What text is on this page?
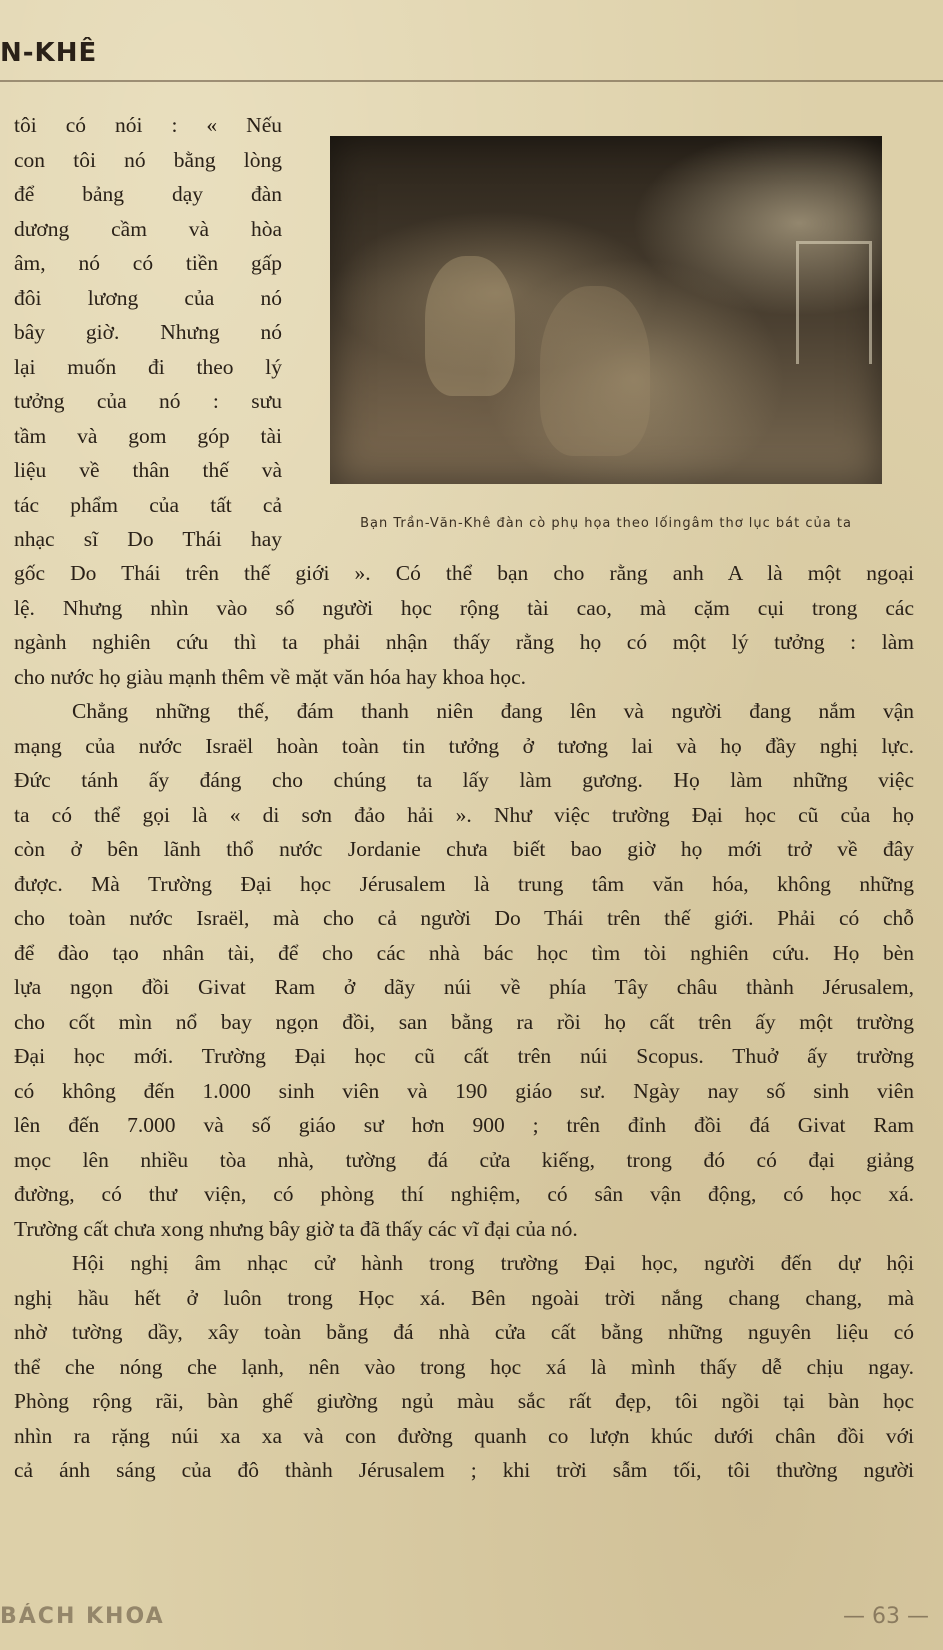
N-KHÊ
tôi có nói : « Nếu
con tôi nó bằng lòng
để bảng dạy đàn
dương cầm và hòa
âm, nó có tiền gấp
đôi lương của nó
bây giờ. Nhưng nó
lại muốn đi theo lý
tưởng của nó : sưu
tầm và gom góp tài
liệu về thân thế và
tác phẩm của tất cả
nhạc sĩ Do Thái hay
Bạn Trần-Văn-Khê đàn cò phụ họa theo lốingâm thơ lục bát của ta
gốc Do Thái trên thế giới ». Có thể bạn cho rằng anh A là một ngoại
lệ. Nhưng nhìn vào số người học rộng tài cao, mà cặm cụi trong các
ngành nghiên cứu thì ta phải nhận thấy rằng họ có một lý tưởng : làm
cho nước họ giàu mạnh thêm về mặt văn hóa hay khoa học.
Chẳng những thế, đám thanh niên đang lên và người đang nắm vận
mạng của nước Israël hoàn toàn tin tưởng ở tương lai và họ đầy nghị lực.
Đức tánh ấy đáng cho chúng ta lấy làm gương. Họ làm những việc
ta có thể gọi là « di sơn đảo hải ». Như việc trường Đại học cũ của họ
còn ở bên lãnh thổ nước Jordanie chưa biết bao giờ họ mới trở về đây
được. Mà Trường Đại học Jérusalem là trung tâm văn hóa, không những
cho toàn nước Israël, mà cho cả người Do Thái trên thế giới. Phải có chỗ
để đào tạo nhân tài, để cho các nhà bác học tìm tòi nghiên cứu. Họ bèn
lựa ngọn đồi Givat Ram ở dãy núi về phía Tây châu thành Jérusalem,
cho cốt mìn nổ bay ngọn đồi, san bằng ra rồi họ cất trên ấy một trường
Đại học mới. Trường Đại học cũ cất trên núi Scopus. Thuở ấy trường
có không đến 1.000 sinh viên và 190 giáo sư. Ngày nay số sinh viên
lên đến 7.000 và số giáo sư hơn 900 ; trên đỉnh đồi đá Givat Ram
mọc lên nhiều tòa nhà, tường đá cửa kiếng, trong đó có đại giảng
đường, có thư viện, có phòng thí nghiệm, có sân vận động, có học xá.
Trường cất chưa xong nhưng bây giờ ta đã thấy các vĩ đại của nó.
Hội nghị âm nhạc cử hành trong trường Đại học, người đến dự hội
nghị hầu hết ở luôn trong Học xá. Bên ngoài trời nắng chang chang, mà
nhờ tường dầy, xây toàn bằng đá nhà cửa cất bằng những nguyên liệu có
thể che nóng che lạnh, nên vào trong học xá là mình thấy dễ chịu ngay.
Phòng rộng rãi, bàn ghế giường ngủ màu sắc rất đẹp, tôi ngồi tại bàn học
nhìn ra rặng núi xa xa và con đường quanh co lượn khúc dưới chân đồi với
cả ánh sáng của đô thành Jérusalem ; khi trời sẫm tối, tôi thường người
BÁCH KHOA	— 63 —
